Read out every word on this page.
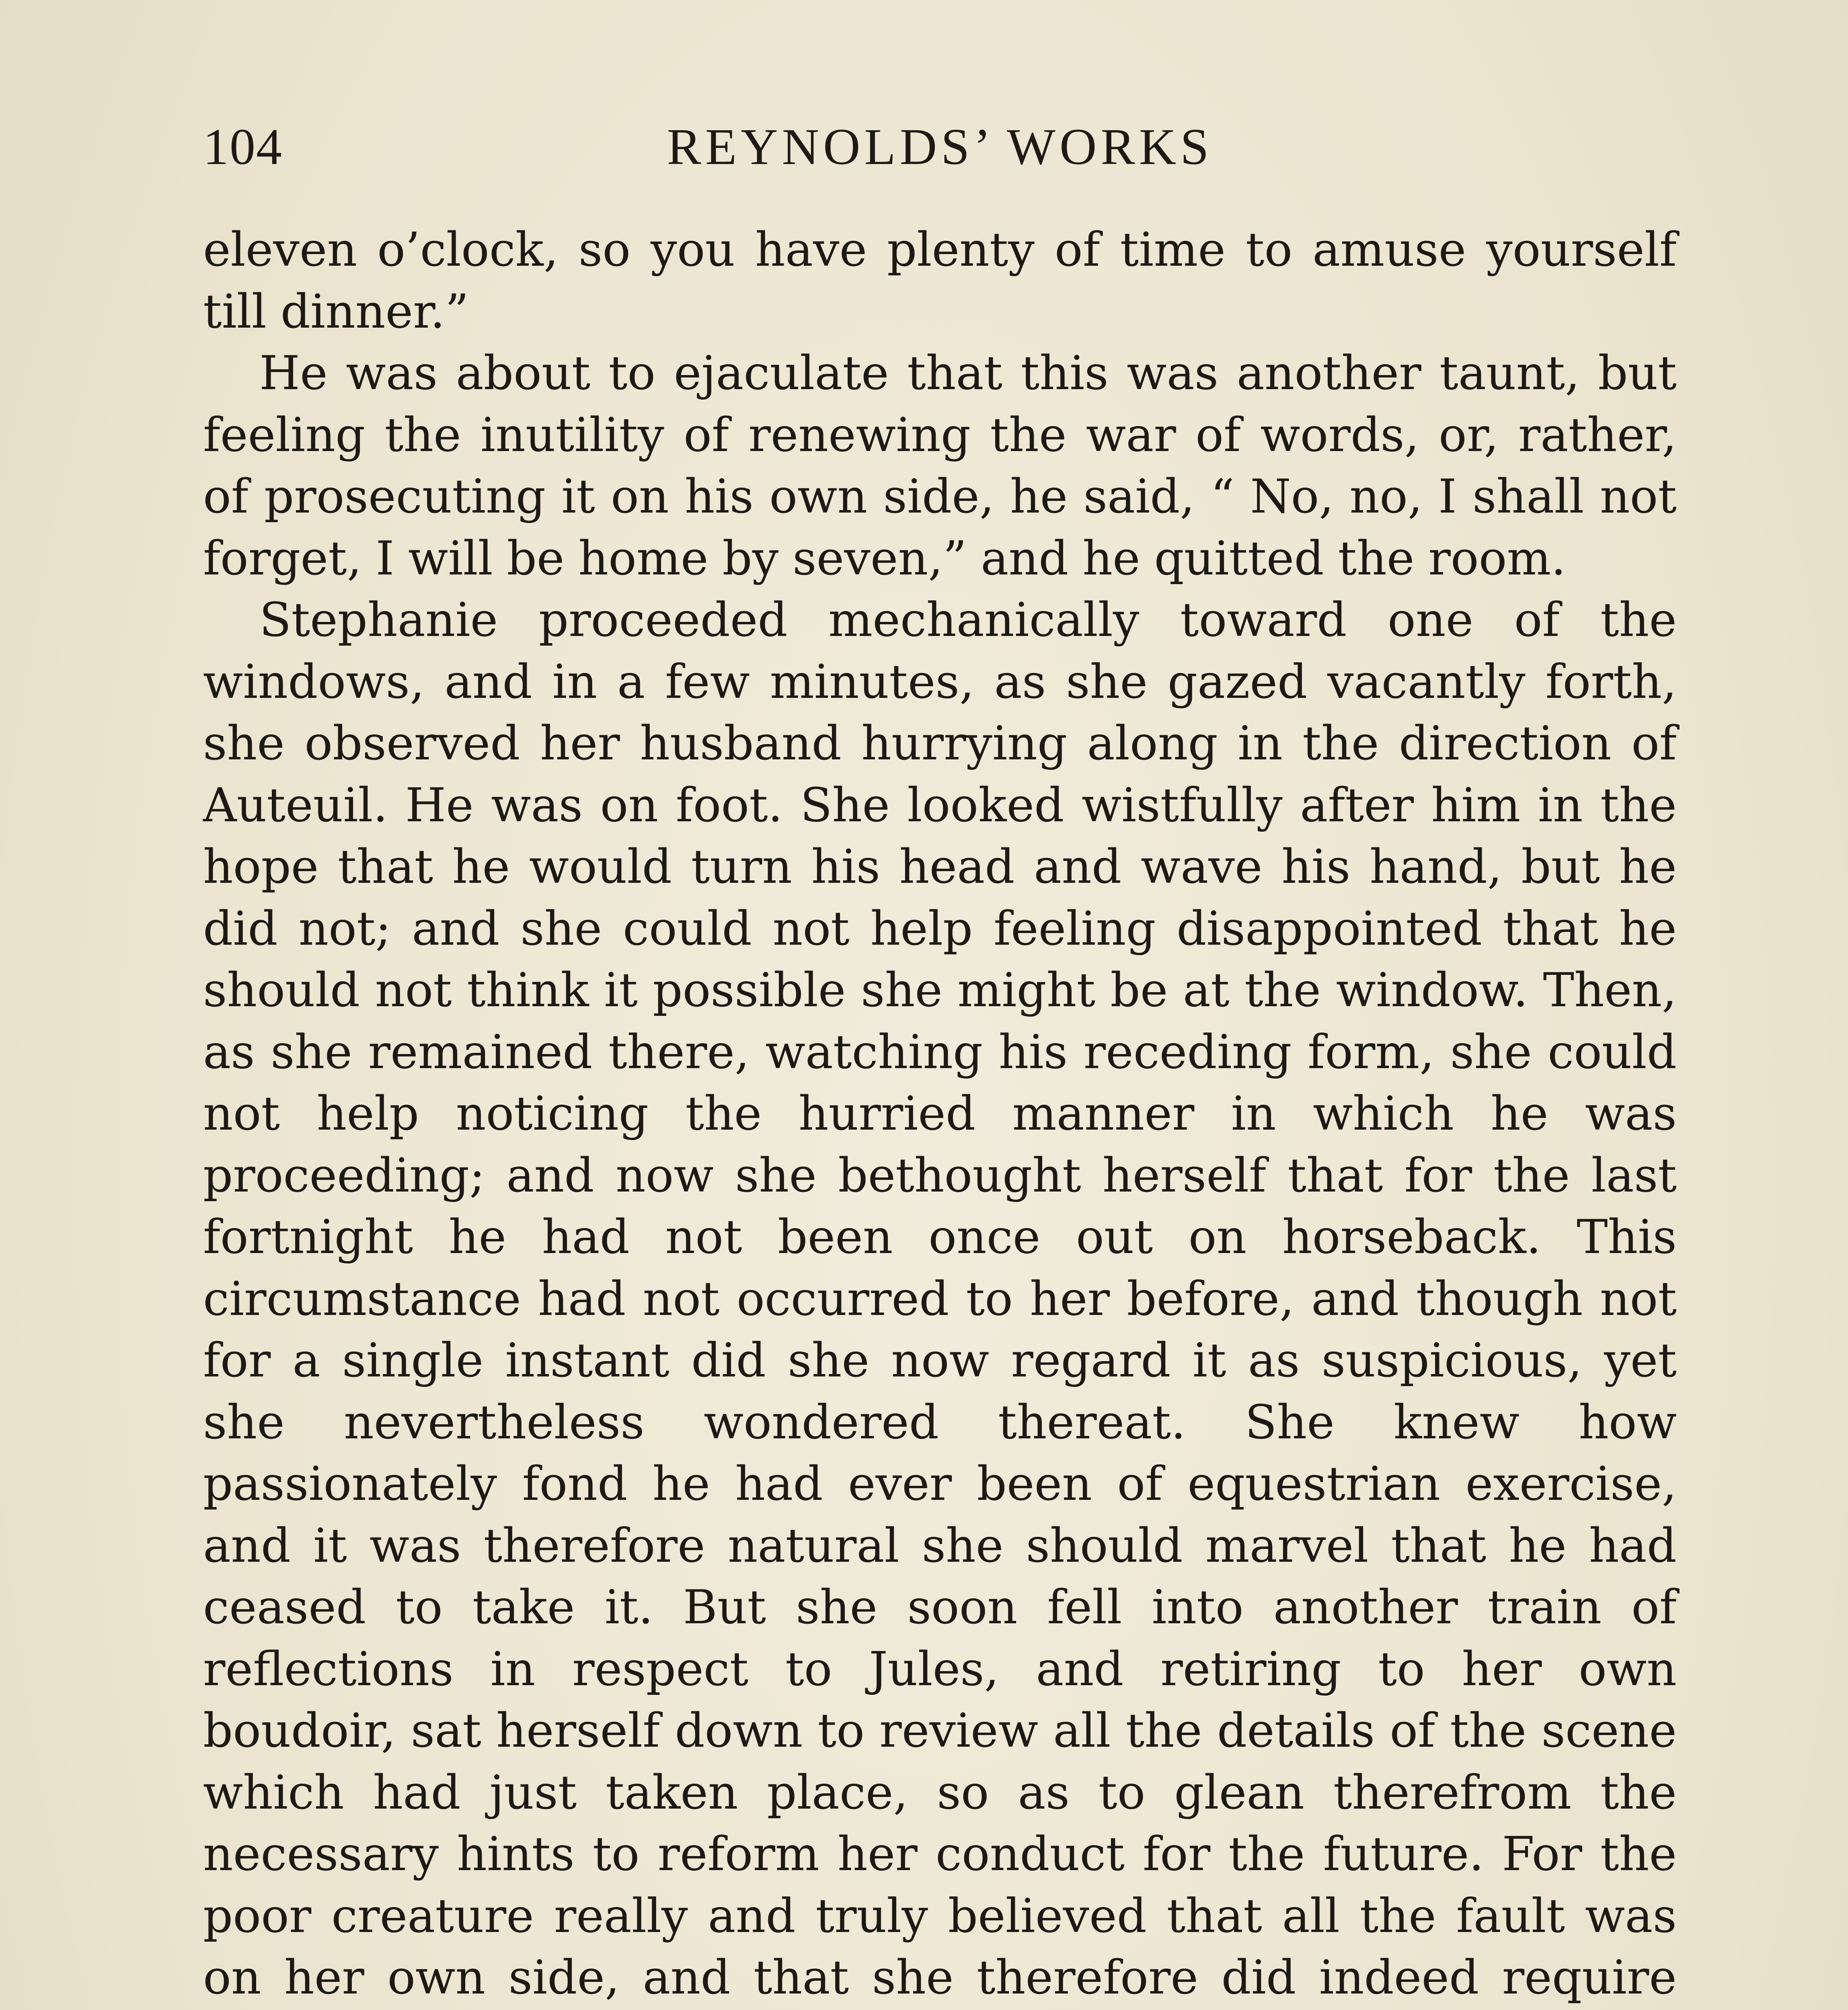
104	REYNOLDS’ WORKS

eleven o’clock, so you have plenty of time to amuse yourself till dinner.”

He was about to ejaculate that this was another taunt, but feeling the inutility of renewing the war of words, or, rather, of prosecuting it on his own side, he said, “ No, no, I shall not forget, I will be home by seven,” and he quitted the room.

Stephanie proceeded mechanically toward one of the windows, and in a few minutes, as she gazed vacantly forth, she observed her husband hurrying along in the direction of Auteuil. He was on foot. She looked wistfully after him in the hope that he would turn his head and wave his hand, but he did not; and she could not help feeling disappointed that he should not think it possible she might be at the window. Then, as she remained there, watching his receding form, she could not help noticing the hurried manner in which he was proceeding; and now she bethought herself that for the last fortnight he had not been once out on horseback. This circumstance had not occurred to her before, and though not for a single instant did she now regard it as suspicious, yet she nevertheless wondered thereat. She knew how passionately fond he had ever been of equestrian exercise, and it was therefore natural she should marvel that he had ceased to take it. But she soon fell into another train of reflections in respect to Jules, and retiring to her own boudoir, sat herself down to review all the details of the scene which had just taken place, so as to glean therefrom the necessary hints to reform her conduct for the future. For the poor creature really and truly believed that all the fault was on her own side, and that she therefore did indeed require
